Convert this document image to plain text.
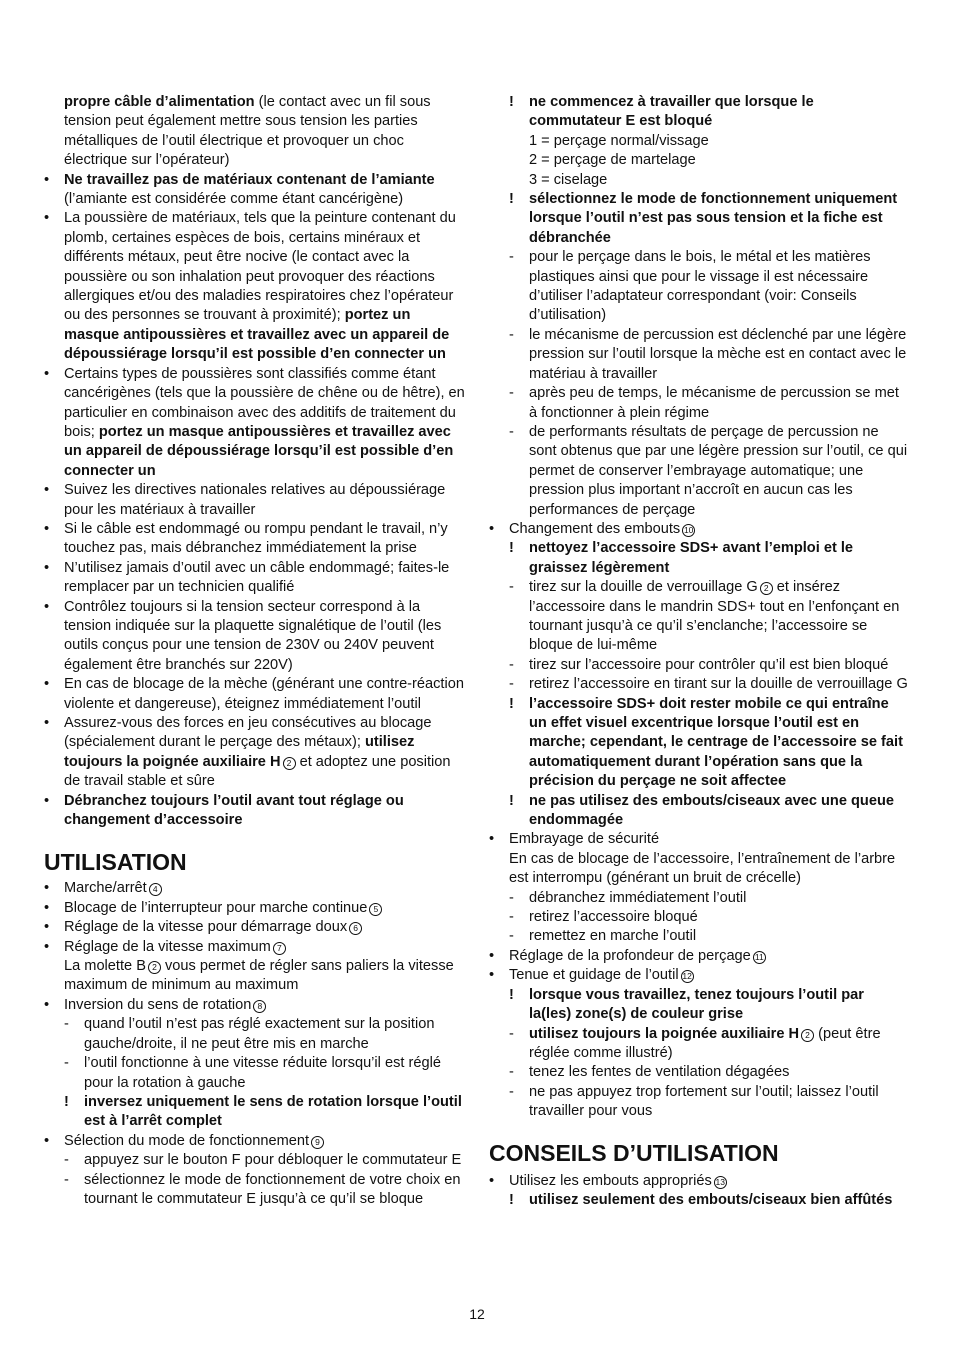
propre câble d’alimentation (le contact avec un fil sous tension peut également mettre sous tension les parties métalliques de l’outil électrique et provoquer un choc électrique sur l’opérateur)
•	Ne travaillez pas de matériaux contenant de l’amiante (l’amiante est considérée comme étant cancérigène)
•	La poussière de matériaux, tels que la peinture contenant du plomb, certaines espèces de bois, certains minéraux et différents métaux, peut être nocive (le contact avec la poussière ou son inhalation peut provoquer des réactions allergiques et/ou des maladies respiratoires chez l’opérateur ou des personnes se trouvant à proximité); portez un masque antipoussières et travaillez avec un appareil de dépoussiérage lorsqu’il est possible d’en connecter un
•	Certains types de poussières sont classifiés comme étant cancérigènes (tels que la poussière de chêne ou de hêtre), en particulier en combinaison avec des additifs de traitement du bois; portez un masque antipoussières et travaillez avec un appareil de dépoussiérage lorsqu’il est possible d’en connecter un
•	Suivez les directives nationales relatives au dépoussiérage pour les matériaux à travailler
•	Si le câble est endommagé ou rompu pendant le travail, n’y touchez pas, mais débranchez immédiatement la prise
•	N’utilisez jamais d’outil avec un câble endommagé; faites-le remplacer par un technicien qualifié
•	Contrôlez toujours si la tension secteur correspond à la tension indiquée sur la plaquette signalétique de l’outil (les outils conçus pour une tension de 230V ou 240V peuvent également être branchés sur 220V)
•	En cas de blocage de la mèche (générant une contre-réaction violente et dangereuse), éteignez immédiatement l’outil
•	Assurez-vous des forces en jeu consécutives au blocage (spécialement durant le perçage des métaux); utilisez toujours la poignée auxiliaire H 2 et adoptez une position de travail stable et sûre
•	Débranchez toujours l’outil avant tout réglage ou changement d’accessoire
UTILISATION
•	Marche/arrêt 4
•	Blocage de l’interrupteur pour marche continue 5
•	Réglage de la vitesse pour démarrage doux 6
•	Réglage de la vitesse maximum 7
La molette B 2 vous permet de régler sans paliers la vitesse maximum de minimum au maximum
•	Inversion du sens de rotation 8
-	quand l’outil n’est pas réglé exactement sur la position gauche/droite, il ne peut être mis en marche
-	l’outil fonctionne à une vitesse réduite lorsqu’il est réglé pour la rotation à gauche
!	inversez uniquement le sens de rotation lorsque l’outil est à l’arrêt complet
•	Sélection du mode de fonctionnement 9
-	appuyez sur le bouton F pour débloquer le commutateur E
-	sélectionnez le mode de fonctionnement de votre choix en tournant le commutateur E jusqu’à ce qu’il se bloque
!	ne commencez à travailler que lorsque le commutateur E est bloqué
1 = perçage normal/vissage
2 = perçage de martelage
3 = ciselage
!	sélectionnez le mode de fonctionnement uniquement lorsque l’outil n’est pas sous tension et la fiche est débranchée
-	pour le perçage dans le bois, le métal et les matières plastiques ainsi que pour le vissage il est nécessaire d’utiliser l’adaptateur correspondant (voir: Conseils d’utilisation)
-	le mécanisme de percussion est déclenché par une légère pression sur l’outil lorsque la mèche est en contact avec le matériau à travailler
-	après peu de temps, le mécanisme de percussion se met à fonctionner à plein régime
-	de performants résultats de perçage de percussion ne sont obtenus que par une légère pression sur l’outil, ce qui permet de conserver l’embrayage automatique; une pression plus important n’accroît en aucun cas les performances de perçage
•	Changement des embouts 10
!	nettoyez l’accessoire SDS+ avant l’emploi et le graissez légèrement
-	tirez sur la douille de verrouillage G 2 et insérez l’accessoire dans le mandrin SDS+ tout en l’enfonçant en tournant jusqu’à ce qu’il s’enclanche; l’accessoire se bloque de lui-même
-	tirez sur l’accessoire pour contrôler qu’il est bien bloqué
-	retirez l’accessoire en tirant sur la douille de verrouillage G
!	l’accessoire SDS+ doit rester mobile ce qui entraîne un effet visuel excentrique lorsque l’outil est en marche; cependant, le centrage de l’accessoire se fait automatiquement durant l’opération sans que la précision du perçage ne soit affectee
!	ne pas utilisez des embouts/ciseaux avec une queue endommagée
•	Embrayage de sécurité
En cas de blocage de l’accessoire, l’entraînement de l’arbre est interrompu (générant un bruit de crécelle)
-	débranchez immédiatement l’outil
-	retirez l’accessoire bloqué
-	remettez en marche l’outil
•	Réglage de la profondeur de perçage 11
•	Tenue et guidage de l’outil 12
!	lorsque vous travaillez, tenez toujours l’outil par la(les) zone(s) de couleur grise
-	utilisez toujours la poignée auxiliaire H 2 (peut être réglée comme illustré)
-	tenez les fentes de ventilation dégagées
-	ne pas appuyez trop fortement sur l’outil; laissez l’outil travailler pour vous
CONSEILS D’UTILISATION
•	Utilisez les embouts appropriés 13
!	utilisez seulement des embouts/ciseaux bien affûtés
12
